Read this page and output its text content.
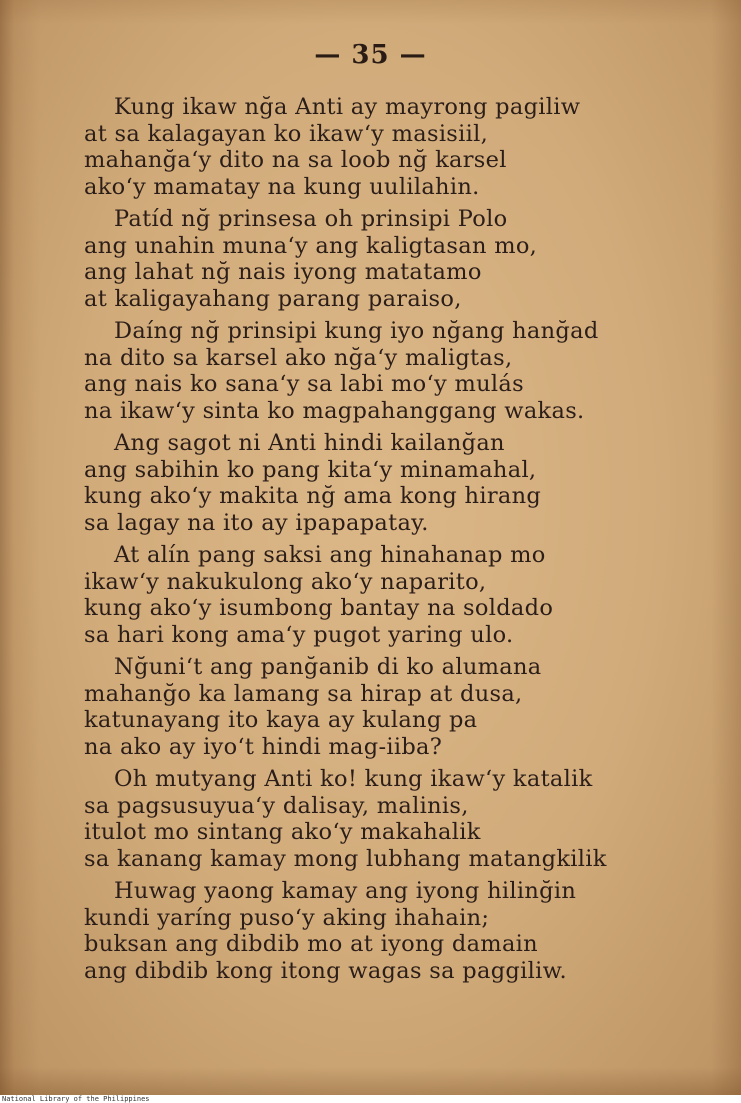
— 35 —
Kung ikaw nğa Anti ay mayrong pagiliw
at sa kalagayan ko ikaw‘y masisiil,
mahanğa‘y dito na sa loob nğ karsel
ako‘y mamatay na kung uulilahin.
Patíd nğ prinsesa oh prinsipi Polo
ang unahin muna‘y ang kaligtasan mo,
ang lahat nğ nais iyong matatamo
at kaligayahang parang paraiso,
Daíng nğ prinsipi kung iyo nğang hanğad
na dito sa karsel ako nğa‘y maligtas,
ang nais ko sana‘y sa labi mo‘y mulás
na ikaw‘y sinta ko magpahanggang wakas.
Ang sagot ni Anti hindi kailanğan
ang sabihin ko pang kita‘y minamahal,
kung ako‘y makita nğ ama kong hirang
sa lagay na ito ay ipapapatay.
At alín pang saksi ang hinahanap mo
ikaw‘y nakukulong ako‘y naparito,
kung ako‘y isumbong bantay na soldado
sa hari kong ama‘y pugot yaring ulo.
Nğuni‘t ang panğanib di ko alumana
mahanğo ka lamang sa hirap at dusa,
katunayang ito kaya ay kulang pa
na ako ay iyo‘t hindi mag-iiba?
Oh mutyang Anti ko! kung ikaw‘y katalik
sa pagsusuyua‘y dalisay, malinis,
itulot mo sintang ako‘y makahalik
sa kanang kamay mong lubhang matangkilik
Huwag yaong kamay ang iyong hilinğin
kundi yaríng puso‘y aking ihahain;
buksan ang dibdib mo at iyong damain
ang dibdib kong itong wagas sa paggiliw.
National Library of the Philippines
